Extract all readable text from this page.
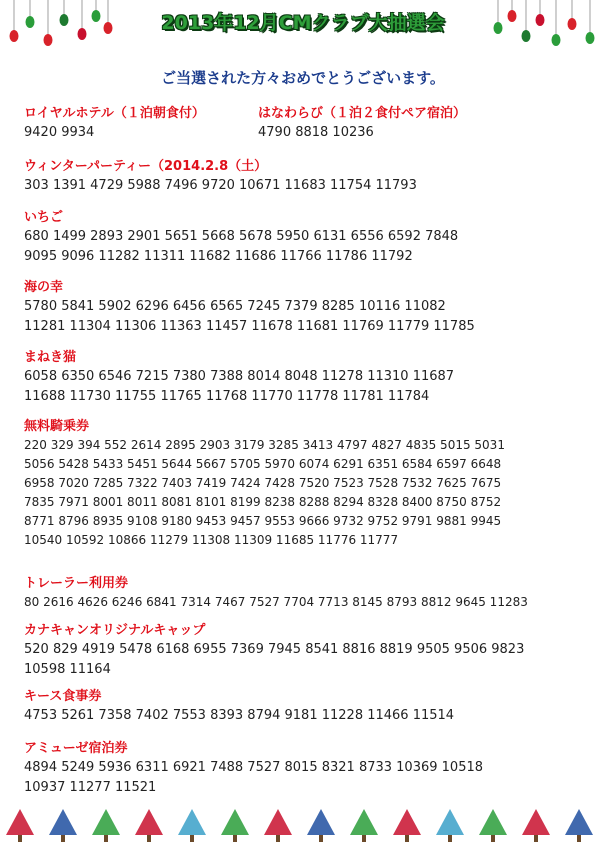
2013年12月CMクラブ大抽選会
ご当選された方々おめでとうございます。
ロイヤルホテル（１泊朝食付）
9420 9934
はなわらび（１泊２食付ペア宿泊）
4790 8818 10236
ウィンターパーティー（2014.2.8（土）
303 1391 4729 5988 7496 9720 10671 11683 11754 11793
いちご
680 1499 2893 2901 5651 5668 5678 5950 6131 6556 6592 7848
9095 9096 11282 11311 11682 11686 11766 11786 11792
海の幸
5780 5841 5902 6296 6456 6565 7245 7379 8285 10116 11082
11281 11304 11306 11363 11457 11678 11681 11769 11779 11785
まねき猫
6058 6350 6546 7215 7380 7388 8014 8048 11278 11310 11687
11688 11730 11755 11765 11768 11770 11778 11781 11784
無料騎乗券
220 329 394 552 2614 2895 2903 3179 3285 3413 4797 4827 4835 5015 5031
5056 5428 5433 5451 5644 5667 5705 5970 6074 6291 6351 6584 6597 6648
6958 7020 7285 7322 7403 7419 7424 7428 7520 7523 7528 7532 7625 7675
7835 7971 8001 8011 8081 8101 8199 8238 8288 8294 8328 8400 8750 8752
8771 8796 8935 9108 9180 9453 9457 9553 9666 9732 9752 9791 9881 9945
10540 10592 10866 11279 11308 11309 11685 11776 11777
トレーラー利用券
80 2616 4626 6246 6841 7314 7467 7527 7704 7713 8145 8793 8812 9645 11283
カナキャンオリジナルキャップ
520 829 4919 5478 6168 6955 7369 7945 8541 8816 8819 9505 9506 9823
10598 11164
キース食事券
4753 5261 7358 7402 7553 8393 8794 9181 11228 11466 11514
アミューゼ宿泊券
4894 5249 5936 6311 6921 7488 7527 8015 8321 8733 10369 10518
10937 11277 11521
